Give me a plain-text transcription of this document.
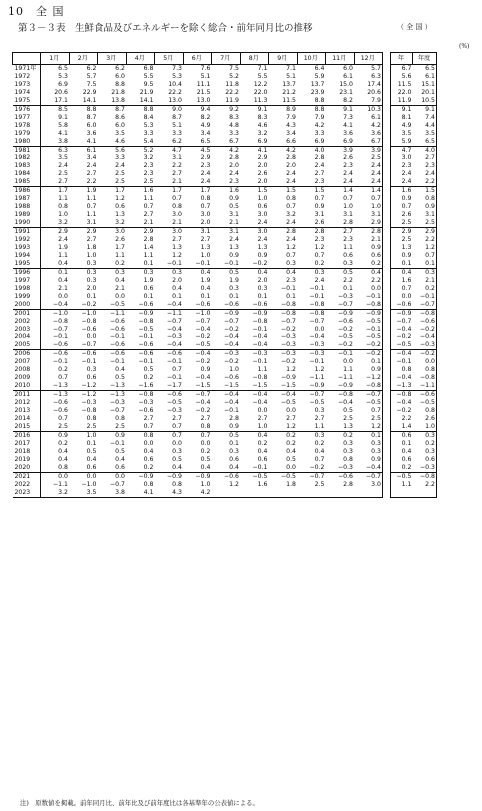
10　全 国
第３－３表　生鮮食品及びエネルギーを除く総合・前年同月比の推移	（ 全 国 ）
(%)
	1月	2月	3月	4月	5月	6月	7月	8月	9月	10月	11月	12月		年	年度
1971年	6.5	6.2	6.2	6.8	7.3	7.6	7.5	7.1	7.1	6.4	6.0	5.7		6.7	6.5
1972	5.3	5.7	6.0	5.5	5.3	5.1	5.2	5.5	5.1	5.9	6.1	6.3		5.6	6.1
1973	6.9	7.5	8.8	9.5	10.4	11.1	11.8	12.2	13.7	13.7	15.0	17.4		11.5	15.1
1974	20.6	22.9	21.8	21.9	22.2	21.5	22.2	22.0	21.2	23.9	23.1	20.6		22.0	20.1
1975	17.1	14.1	13.8	14.1	13.0	13.0	11.9	11.3	11.5	8.8	8.2	7.9		11.9	10.5
1976	8.5	8.8	8.7	8.8	9.0	9.4	9.2	9.1	8.9	8.8	9.1	10.3		9.1	9.1
1977	9.1	8.7	8.6	8.4	8.7	8.2	8.3	8.3	7.9	7.9	7.3	6.1		8.1	7.4
1978	5.8	6.0	6.0	5.3	5.1	4.9	4.8	4.6	4.3	4.2	4.1	4.2		4.9	4.4
1979	4.1	3.6	3.5	3.3	3.3	3.4	3.3	3.2	3.4	3.3	3.6	3.6		3.5	3.5
1980	3.8	4.1	4.6	5.4	6.2	6.5	6.7	6.9	6.6	6.9	6.9	6.7		5.9	6.5
1981	6.3	6.1	5.6	5.2	4.7	4.5	4.2	4.1	4.2	4.0	3.9	3.9		4.7	4.0
1982	3.5	3.4	3.3	3.2	3.1	2.9	2.8	2.9	2.8	2.8	2.6	2.5		3.0	2.7
1983	2.4	2.4	2.4	2.3	2.2	2.3	2.0	2.0	2.0	2.4	2.3	2.4		2.3	2.3
1984	2.5	2.7	2.5	2.3	2.7	2.4	2.4	2.6	2.4	2.7	2.4	2.4		2.4	2.4
1985	2.7	2.2	2.5	2.5	2.1	2.4	2.3	2.0	2.4	2.3	2.4	2.4		2.4	2.2
1986	1.7	1.9	1.7	1.6	1.7	1.7	1.6	1.5	1.5	1.5	1.4	1.4		1.6	1.5
1987	1.1	1.1	1.2	1.1	0.7	0.8	0.9	1.0	0.8	0.7	0.7	0.7		0.9	0.8
1988	0.8	0.7	0.6	0.7	0.8	0.7	0.5	0.6	0.7	0.9	1.0	1.0		0.7	0.9
1989	1.0	1.1	1.3	2.7	3.0	3.0	3.1	3.0	3.2	3.1	3.1	3.1		2.6	3.1
1990	3.2	3.1	3.2	2.1	2.1	2.0	2.1	2.4	2.4	2.6	2.8	2.9		2.5	2.5
1991	2.9	2.9	3.0	2.9	3.0	3.1	3.1	3.0	2.8	2.8	2.7	2.8		2.9	2.9
1992	2.4	2.7	2.6	2.8	2.7	2.7	2.4	2.4	2.4	2.3	2.3	2.1		2.5	2.2
1993	1.9	1.8	1.7	1.4	1.3	1.3	1.3	1.3	1.2	1.2	1.1	0.9		1.3	1.2
1994	1.1	1.0	1.1	1.1	1.2	1.0	0.9	0.9	0.7	0.7	0.6	0.6		0.9	0.7
1995	0.4	0.3	0.2	0.1	−0.1	−0.1	−0.1	−0.2	0.3	0.2	0.3	0.2		0.1	0.1
1996	0.1	0.3	0.3	0.3	0.3	0.4	0.5	0.4	0.4	0.3	0.5	0.4		0.4	0.3
1997	0.4	0.3	0.4	1.9	2.0	1.9	1.9	2.0	2.3	2.4	2.2	2.2		1.6	2.1
1998	2.1	2.0	2.1	0.6	0.4	0.4	0.3	0.3	−0.1	−0.1	0.1	0.0		0.7	0.2
1999	0.0	0.1	0.0	0.1	0.1	0.1	0.1	0.1	0.1	−0.1	−0.3	−0.1		0.0	−0.1
2000	−0.4	−0.2	−0.5	−0.6	−0.4	−0.6	−0.6	−0.6	−0.8	−0.8	−0.7	−0.8		−0.6	−0.7
2001	−1.0	−1.0	−1.1	−0.9	−1.1	−1.0	−0.9	−0.9	−0.8	−0.8	−0.9	−0.9		−0.9	−0.8
2002	−0.8	−0.8	−0.6	−0.8	−0.7	−0.7	−0.7	−0.8	−0.7	−0.7	−0.6	−0.5		−0.7	−0.6
2003	−0.7	−0.6	−0.6	−0.5	−0.4	−0.4	−0.2	−0.1	−0.2	0.0	−0.2	−0.1		−0.4	−0.2
2004	−0.1	0.0	−0.1	−0.1	−0.3	−0.2	−0.4	−0.4	−0.3	−0.4	−0.5	−0.5		−0.2	−0.4
2005	−0.6	−0.7	−0.6	−0.6	−0.4	−0.5	−0.4	−0.4	−0.3	−0.3	−0.2	−0.2		−0.5	−0.3
2006	−0.6	−0.6	−0.6	−0.6	−0.6	−0.4	−0.3	−0.3	−0.3	−0.3	−0.1	−0.2		−0.4	−0.2
2007	−0.1	−0.1	−0.1	−0.1	−0.1	−0.2	−0.2	−0.1	−0.2	−0.1	0.0	0.1		−0.1	0.0
2008	0.2	0.3	0.4	0.5	0.7	0.9	1.0	1.1	1.2	1.2	1.1	0.9		0.8	0.8
2009	0.7	0.6	0.5	0.2	−0.1	−0.4	−0.6	−0.8	−0.9	−1.1	−1.1	−1.2		−0.4	−0.8
2010	−1.3	−1.2	−1.3	−1.6	−1.7	−1.5	−1.5	−1.5	−1.5	−0.9	−0.9	−0.8		−1.3	−1.1
2011	−1.3	−1.2	−1.3	−0.8	−0.6	−0.7	−0.4	−0.4	−0.4	−0.7	−0.8	−0.7		−0.8	−0.6
2012	−0.6	−0.3	−0.3	−0.3	−0.5	−0.4	−0.4	−0.4	−0.5	−0.5	−0.4	−0.5		−0.4	−0.5
2013	−0.6	−0.8	−0.7	−0.6	−0.3	−0.2	−0.1	0.0	0.0	0.3	0.5	0.7		−0.2	0.8
2014	0.7	0.8	0.8	2.7	2.7	2.7	2.8	2.7	2.7	2.7	2.5	2.5		2.2	2.6
2015	2.5	2.5	2.5	0.7	0.7	0.8	0.9	1.0	1.2	1.1	1.3	1.2		1.4	1.0
2016	0.9	1.0	0.9	0.8	0.7	0.7	0.5	0.4	0.2	0.3	0.2	0.1		0.6	0.3
2017	0.2	0.1	−0.1	0.0	0.0	0.0	0.1	0.2	0.2	0.2	0.3	0.3		0.1	0.2
2018	0.4	0.5	0.5	0.4	0.3	0.2	0.3	0.4	0.4	0.4	0.3	0.3		0.4	0.3
2019	0.4	0.4	0.4	0.6	0.5	0.5	0.6	0.6	0.5	0.7	0.8	0.9		0.6	0.6
2020	0.8	0.6	0.6	0.2	0.4	0.4	0.4	−0.1	0.0	−0.2	−0.3	−0.4		0.2	−0.3
2021	0.0	0.0	0.0	−0.9	−0.9	−0.9	−0.6	−0.5	−0.5	−0.7	−0.6	−0.7		−0.5	−0.8
2022	−1.1	−1.0	−0.7	0.8	0.8	1.0	1.2	1.6	1.8	2.5	2.8	3.0		1.1	2.2
2023	3.2	3.5	3.8	4.1	4.3	4.2									
注)　原数値を掲載。前年同月比、前年比及び前年度比は各基準年の公表値による。
